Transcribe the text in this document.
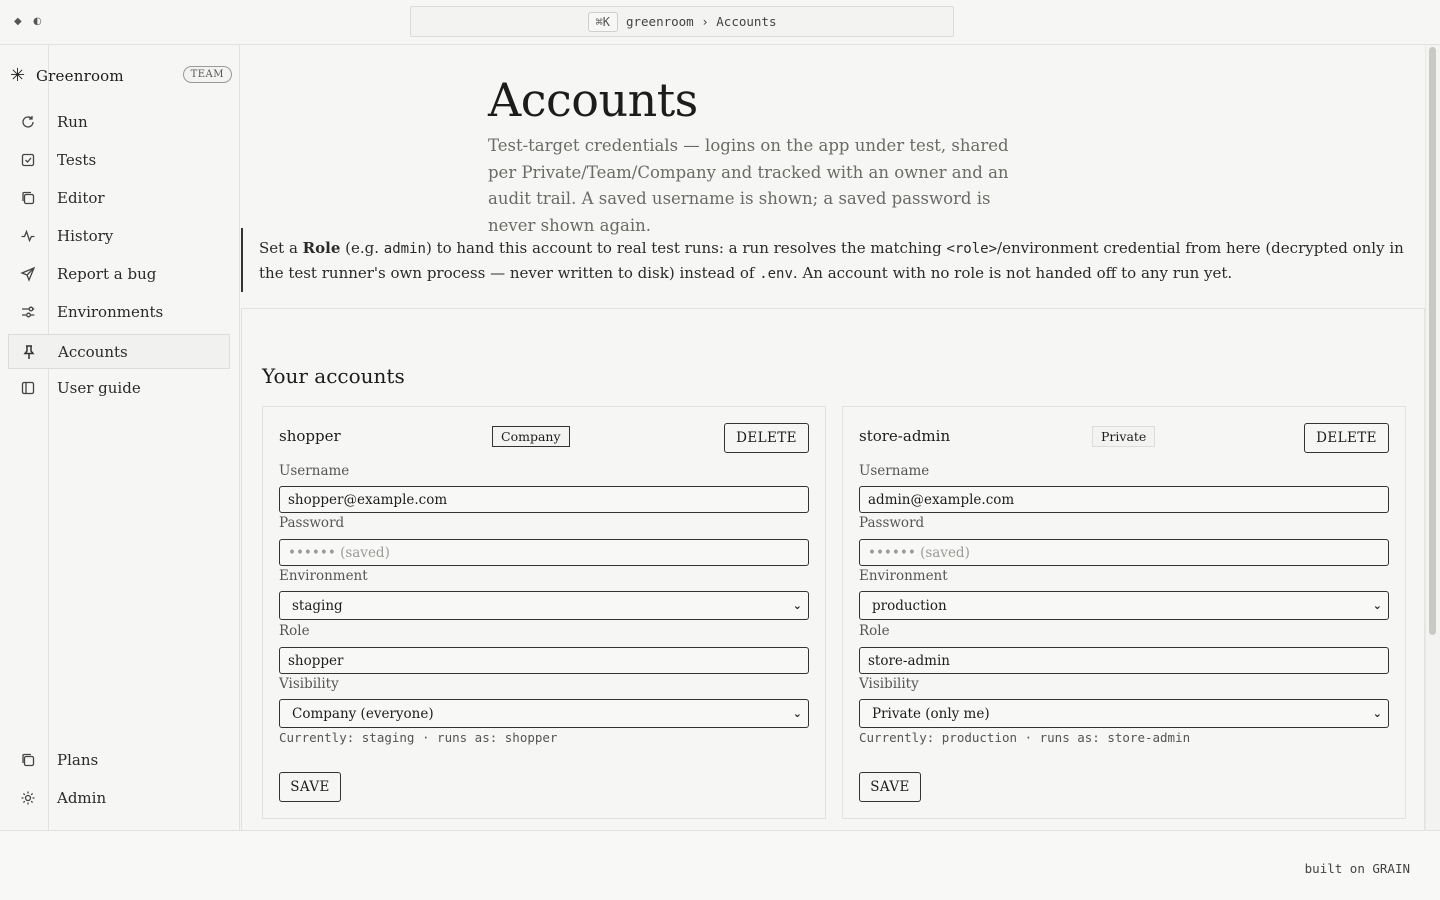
◆ ◐	⌘K	greenroom › Accounts
✳ Greenroom	TEAM
Run
Tests
Editor
History
Report a bug
Environments
Accounts
User guide
Plans
Admin
Accounts

Test-target credentials — logins on the app under test, shared per Private/Team/Company and tracked with an owner and an audit trail. A saved username is shown; a saved password is never shown again.

Set a Role (e.g. admin) to hand this account to real test runs: a run resolves the matching <role>/environment credential from here (decrypted only in the test runner's own process — never written to disk) instead of .env. An account with no role is not handed off to any run yet.
Your accounts
shopper	Company	DELETE
Username
shopper@example.com
Password
•••••• (saved)
Environment
staging	⌄
Role
shopper
Visibility
Company (everyone)	⌄
Currently: staging · runs as: shopper
SAVE
store-admin	Private	DELETE
Username
admin@example.com
Password
•••••• (saved)
Environment
production	⌄
Role
store-admin
Visibility
Private (only me)	⌄
Currently: production · runs as: store-admin
SAVE
built on GRAIN
